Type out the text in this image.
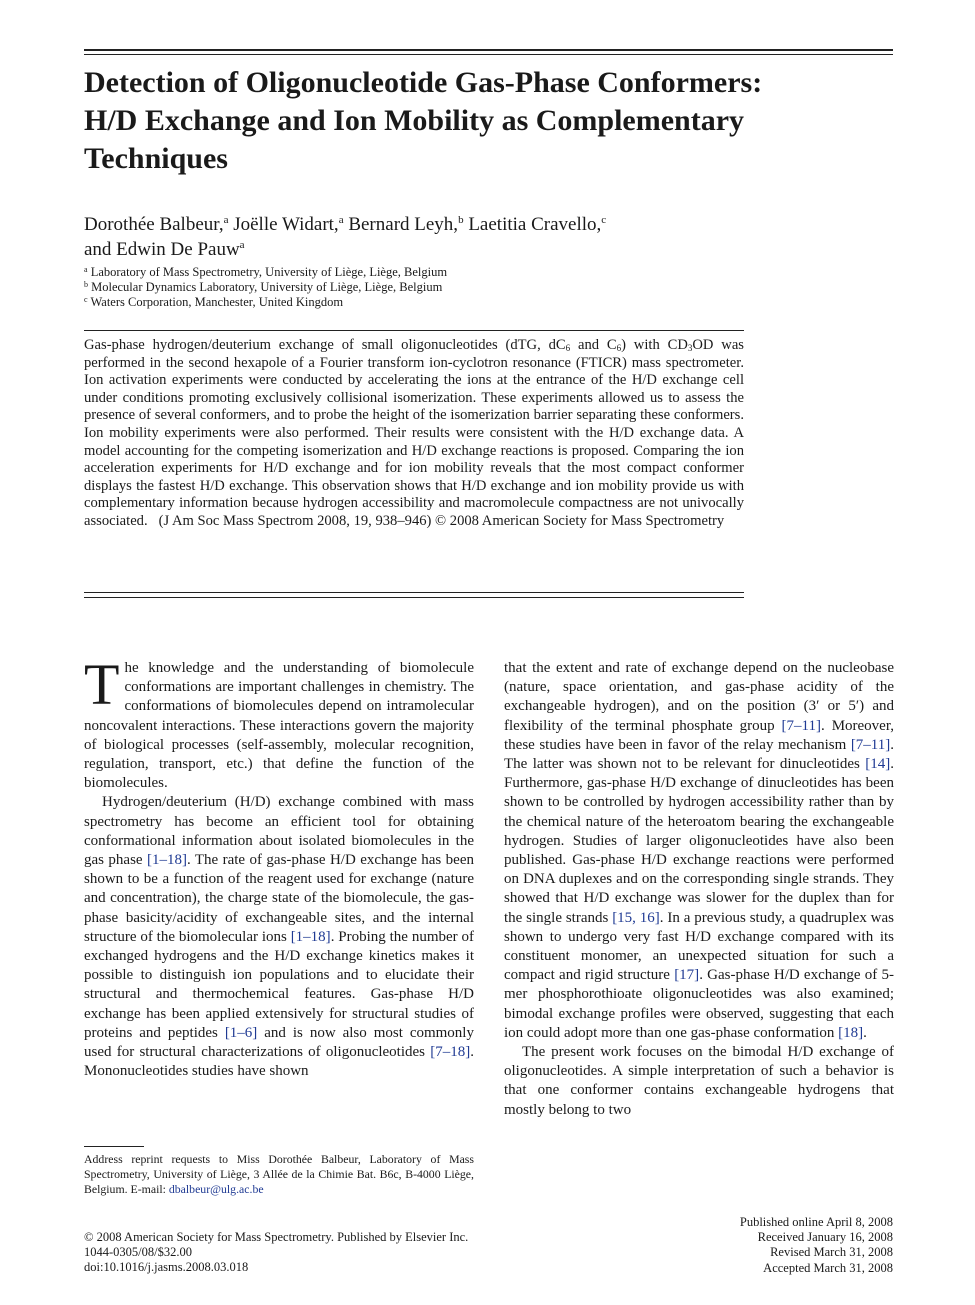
Detection of Oligonucleotide Gas-Phase Conformers: H/D Exchange and Ion Mobility as Complementary Techniques
Dorothée Balbeur,$^a$ Joëlle Widart,$^a$ Bernard Leyh,$^b$ Laetitia Cravello,$^c$
and Edwin De Pauw$^a$
$^a$ Laboratory of Mass Spectrometry, University of Liège, Liège, Belgium
$^b$ Molecular Dynamics Laboratory, University of Liège, Liège, Belgium
$^c$ Waters Corporation, Manchester, United Kingdom
Gas-phase hydrogen/deuterium exchange of small oligonucleotides (dTG, $dC_6$ and $C_6$) with $CD_3OD$ was performed in the second hexapole of a Fourier transform ion-cyclotron resonance (FTICR) mass spectrometer. Ion activation experiments were conducted by accelerating the ions at the entrance of the H/D exchange cell under conditions promoting exclusively collisional isomerization. These experiments allowed us to assess the presence of several conformers, and to probe the height of the isomerization barrier separating these conformers. Ion mobility experiments were also performed. Their results were consistent with the H/D exchange data. A model accounting for the competing isomerization and H/D exchange reactions is proposed. Comparing the ion acceleration experiments for H/D exchange and for ion mobility reveals that the most compact conformer displays the fastest H/D exchange. This observation shows that H/D exchange and ion mobility provide us with complementary information because hydrogen accessibility and macromolecule compactness are not univocally associated. (J Am Soc Mass Spectrom 2008, 19, 938–946) © 2008 American Society for Mass Spectrometry

The knowledge and the understanding of biomolecule conformations are important challenges in chemistry. The conformations of biomolecules depend on intramolecular noncovalent interactions. These interactions govern the majority of biological processes (self-assembly, molecular recognition, regulation, transport, etc.) that define the function of the biomolecules.

Hydrogen/deuterium (H/D) exchange combined with mass spectrometry has become an efficient tool for obtaining conformational information about isolated biomolecules in the gas phase [1–18]. The rate of gas-phase H/D exchange has been shown to be a function of the reagent used for exchange (nature and concentration), the charge state of the biomolecule, the gas-phase basicity/acidity of exchangeable sites, and the internal structure of the biomolecular ions [1–18]. Probing the number of exchanged hydrogens and the H/D exchange kinetics makes it possible to distinguish ion populations and to elucidate their structural and thermochemical features. Gas-phase H/D exchange has been applied extensively for structural studies of proteins and peptides [1–6] and is now also most commonly used for structural characterizations of oligonucleotides [7–18]. Mononucleotides studies have shown

that the extent and rate of exchange depend on the nucleobase (nature, space orientation, and gas-phase acidity of the exchangeable hydrogen), and on the position (3′ or 5′) and flexibility of the terminal phosphate group [7–11]. Moreover, these studies have been in favor of the relay mechanism [7–11]. The latter was shown not to be relevant for dinucleotides [14]. Furthermore, gas-phase H/D exchange of dinucleotides has been shown to be controlled by hydrogen accessibility rather than by the chemical nature of the heteroatom bearing the exchangeable hydrogen. Studies of larger oligonucleotides have also been published. Gas-phase H/D exchange reactions were performed on DNA duplexes and on the corresponding single strands. They showed that H/D exchange was slower for the duplex than for the single strands [15, 16]. In a previous study, a quadruplex was shown to undergo very fast H/D exchange compared with its constituent monomer, an unexpected situation for such a compact and rigid structure [17]. Gas-phase H/D exchange of 5-mer phosphorothioate oligonucleotides was also examined; bimodal exchange profiles were observed, suggesting that each ion could adopt more than one gas-phase conformation [18].

The present work focuses on the bimodal H/D exchange of oligonucleotides. A simple interpretation of such a behavior is that one conformer contains exchangeable hydrogens that mostly belong to two

Address reprint requests to Miss Dorothée Balbeur, Laboratory of Mass Spectrometry, University of Liège, 3 Allée de la Chimie Bat. B6c, B-4000 Liège, Belgium. E-mail: dbalbeur@ulg.ac.be
© 2008 American Society for Mass Spectrometry. Published by Elsevier Inc.
1044-0305/08/$32.00
doi:10.1016/j.jasms.2008.03.018
Published online April 8, 2008
Received January 16, 2008
Revised March 31, 2008
Accepted March 31, 2008
